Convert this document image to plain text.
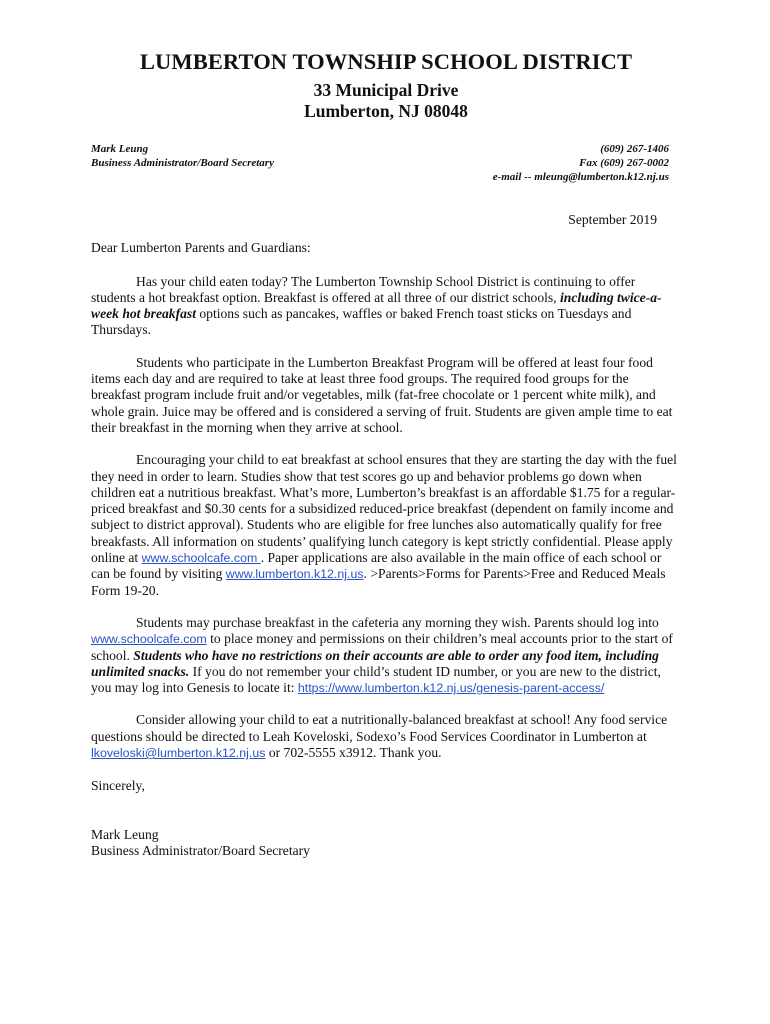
LUMBERTON TOWNSHIP SCHOOL DISTRICT
33 Municipal Drive
Lumberton, NJ 08048
Mark Leung
Business Administrator/Board Secretary
(609) 267-1406
Fax (609) 267-0002
e-mail -- mleung@lumberton.k12.nj.us
September 2019
Dear Lumberton Parents and Guardians:

Has your child eaten today? The Lumberton Township School District is continuing to offer students a hot breakfast option. Breakfast is offered at all three of our district schools, including twice-a-week hot breakfast options such as pancakes, waffles or baked French toast sticks on Tuesdays and Thursdays.

Students who participate in the Lumberton Breakfast Program will be offered at least four food items each day and are required to take at least three food groups. The required food groups for the breakfast program include fruit and/or vegetables, milk (fat-free chocolate or 1 percent white milk), and whole grain. Juice may be offered and is considered a serving of fruit. Students are given ample time to eat their breakfast in the morning when they arrive at school.

Encouraging your child to eat breakfast at school ensures that they are starting the day with the fuel they need in order to learn. Studies show that test scores go up and behavior problems go down when children eat a nutritious breakfast. What’s more, Lumberton’s breakfast is an affordable $1.75 for a regular-priced breakfast and $0.30 cents for a subsidized reduced-price breakfast (dependent on family income and subject to district approval). Students who are eligible for free lunches also automatically qualify for free breakfasts. All information on students’ qualifying lunch category is kept strictly confidential. Please apply online at www.schoolcafe.com . Paper applications are also available in the main office of each school or can be found by visiting www.lumberton.k12.nj.us. >Parents>Forms for Parents>Free and Reduced Meals Form 19-20.

Students may purchase breakfast in the cafeteria any morning they wish. Parents should log into www.schoolcafe.com to place money and permissions on their children’s meal accounts prior to the start of school. Students who have no restrictions on their accounts are able to order any food item, including unlimited snacks. If you do not remember your child’s student ID number, or you are new to the district, you may log into Genesis to locate it: https://www.lumberton.k12.nj.us/genesis-parent-access/

Consider allowing your child to eat a nutritionally-balanced breakfast at school! Any food service questions should be directed to Leah Koveloski, Sodexo’s Food Services Coordinator in Lumberton at lkoveloski@lumberton.k12.nj.us or 702-5555 x3912. Thank you.

Sincerely,
Mark Leung
Business Administrator/Board Secretary
